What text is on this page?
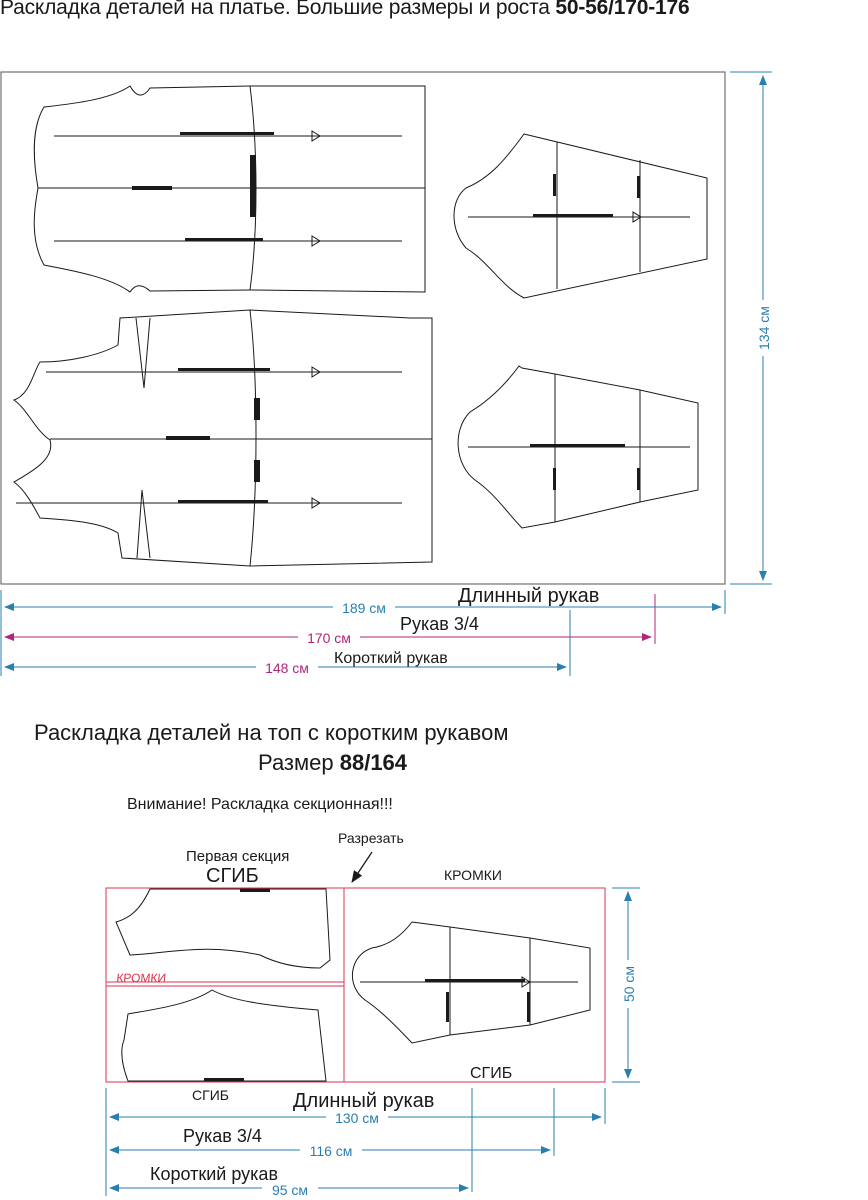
Раскладка деталей на платье. Большие размеры и роста 50-56/170-176
Раскладка деталей на топ с коротким рукавом
Размер 88/164
Внимание! Раскладка секционная!!!
134 см
189 см
Длинный рукав
170 см
Рукав 3/4
148 см
Короткий рукав
Разрезать
Первая секция
СГИБ	КРОМКИ
КРОМКИ
СГИБ
СГИБ
50 см
130 см
Длинный рукав
116 см
Рукав 3/4
95 см
Короткий рукав
